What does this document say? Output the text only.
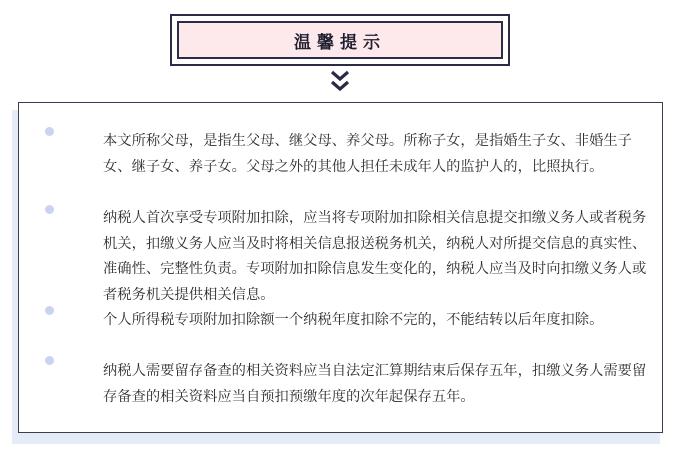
温馨提示

本文所称父母，是指生父母、继父母、养父母。所称子女，是指婚生子女、非婚生子女、继子女、养子女。父母之外的其他人担任未成年人的监护人的，比照执行。

纳税人首次享受专项附加扣除，应当将专项附加扣除相关信息提交扣缴义务人或者税务机关，扣缴义务人应当及时将相关信息报送税务机关，纳税人对所提交信息的真实性、准确性、完整性负责。专项附加扣除信息发生变化的，纳税人应当及时向扣缴义务人或者税务机关提供相关信息。

个人所得税专项附加扣除额一个纳税年度扣除不完的，不能结转以后年度扣除。

纳税人需要留存备查的相关资料应当自法定汇算期结束后保存五年，扣缴义务人需要留存备查的相关资料应当自预扣预缴年度的次年起保存五年。
